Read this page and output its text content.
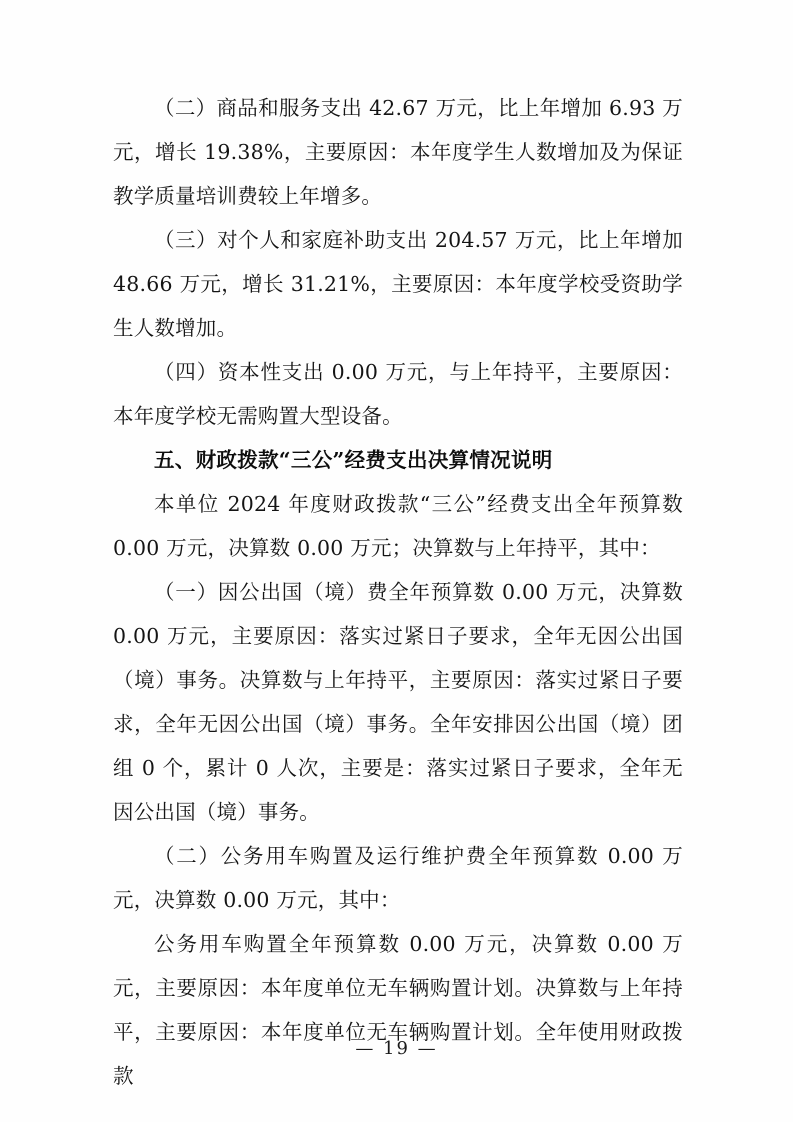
（二）商品和服务支出 42.67 万元，比上年增加 6.93 万元，增长 19.38%，主要原因：本年度学生人数增加及为保证教学质量培训费较上年增多。

（三）对个人和家庭补助支出 204.57 万元，比上年增加 48.66 万元，增长 31.21%，主要原因：本年度学校受资助学生人数增加。

（四）资本性支出 0.00 万元，与上年持平，主要原因：本年度学校无需购置大型设备。

五、财政拨款“三公”经费支出决算情况说明

本单位 2024 年度财政拨款“三公”经费支出全年预算数 0.00 万元，决算数 0.00 万元；决算数与上年持平，其中：

（一）因公出国（境）费全年预算数 0.00 万元，决算数 0.00 万元，主要原因：落实过紧日子要求，全年无因公出国（境）事务。决算数与上年持平，主要原因：落实过紧日子要求，全年无因公出国（境）事务。全年安排因公出国（境）团组 0 个，累计 0 人次，主要是：落实过紧日子要求，全年无因公出国（境）事务。

（二）公务用车购置及运行维护费全年预算数 0.00 万元，决算数 0.00 万元，其中：

公务用车购置全年预算数 0.00 万元，决算数 0.00 万元，主要原因：本年度单位无车辆购置计划。决算数与上年持平，主要原因：本年度单位无车辆购置计划。全年使用财政拨款

— 19 —
